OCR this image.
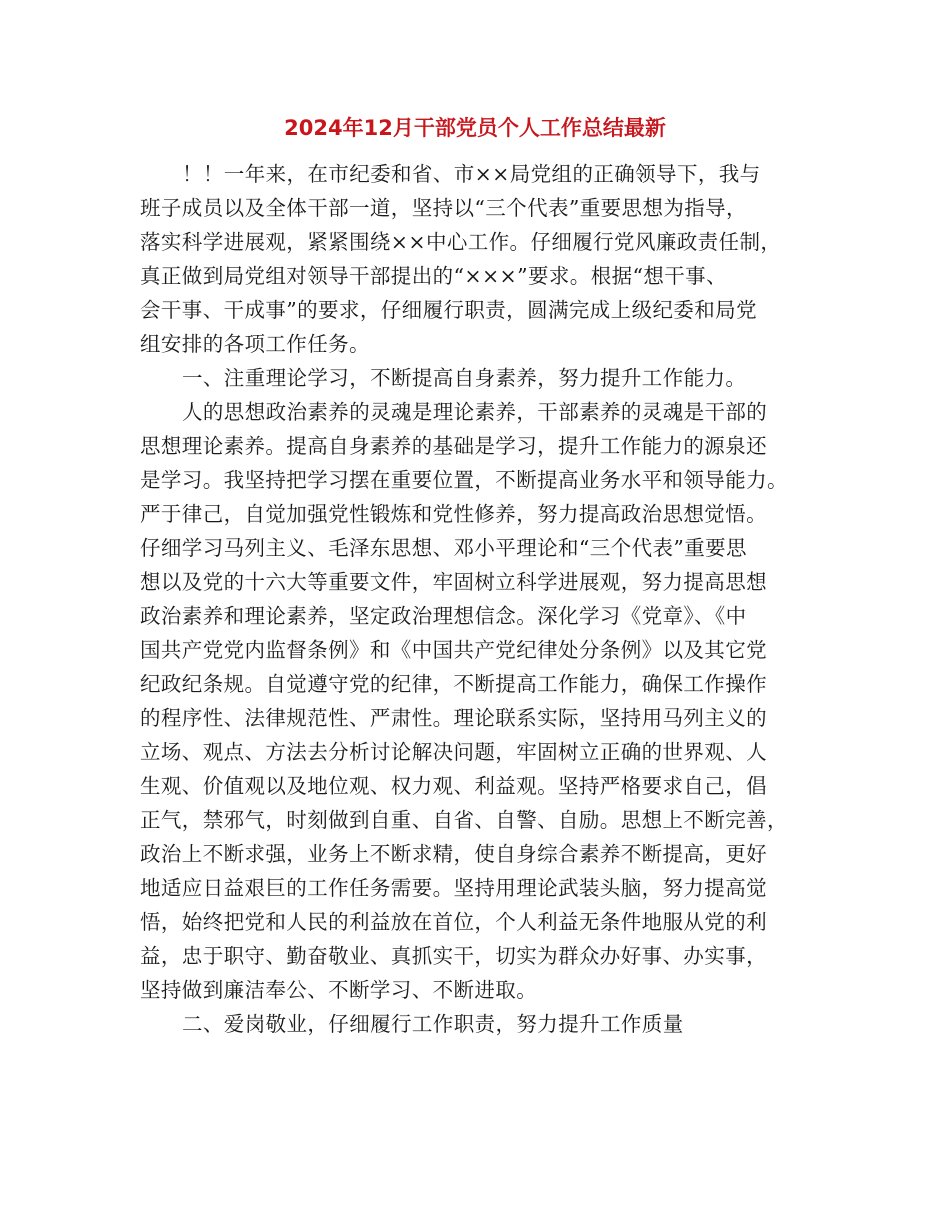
2024年12月干部党员个人工作总结最新
！！一年来，在市纪委和省、市××局党组的正确领导下，我与
班子成员以及全体干部一道，坚持以“三个代表”重要思想为指导，
落实科学进展观，紧紧围绕××中心工作。仔细履行党风廉政责任制，
真正做到局党组对领导干部提出的“×××”要求。根据“想干事、
会干事、干成事”的要求，仔细履行职责，圆满完成上级纪委和局党
组安排的各项工作任务。
一、注重理论学习，不断提高自身素养，努力提升工作能力。
人的思想政治素养的灵魂是理论素养，干部素养的灵魂是干部的
思想理论素养。提高自身素养的基础是学习，提升工作能力的源泉还
是学习。我坚持把学习摆在重要位置，不断提高业务水平和领导能力。
严于律己，自觉加强党性锻炼和党性修养，努力提高政治思想觉悟。
仔细学习马列主义、毛泽东思想、邓小平理论和“三个代表”重要思
想以及党的十六大等重要文件，牢固树立科学进展观，努力提高思想
政治素养和理论素养，坚定政治理想信念。深化学习《党章》、《中
国共产党党内监督条例》和《中国共产党纪律处分条例》以及其它党
纪政纪条规。自觉遵守党的纪律，不断提高工作能力，确保工作操作
的程序性、法律规范性、严肃性。理论联系实际，坚持用马列主义的
立场、观点、方法去分析讨论解决问题，牢固树立正确的世界观、人
生观、价值观以及地位观、权力观、利益观。坚持严格要求自己，倡
正气，禁邪气，时刻做到自重、自省、自警、自励。思想上不断完善，
政治上不断求强，业务上不断求精，使自身综合素养不断提高，更好
地适应日益艰巨的工作任务需要。坚持用理论武装头脑，努力提高觉
悟，始终把党和人民的利益放在首位，个人利益无条件地服从党的利
益，忠于职守、勤奋敬业、真抓实干，切实为群众办好事、办实事，
坚持做到廉洁奉公、不断学习、不断进取。
二、爱岗敬业，仔细履行工作职责，努力提升工作质量
